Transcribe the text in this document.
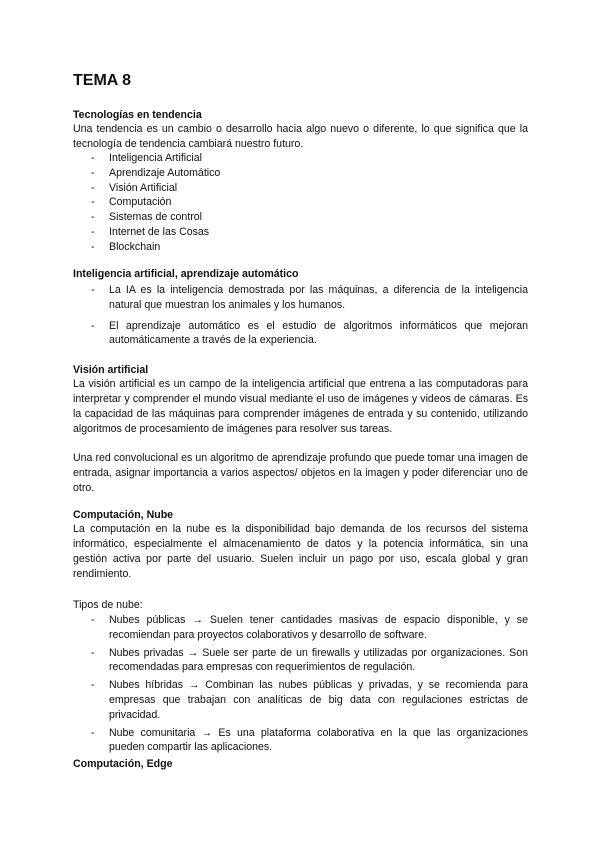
TEMA 8
Tecnologías en tendencia
Una tendencia es un cambio o desarrollo hacia algo nuevo o diferente, lo que significa que la tecnología de tendencia cambiará nuestro futuro.
- Inteligencia Artificial
- Aprendizaje Automático
- Visión Artificial
- Computación
- Sistemas de control
- Internet de las Cosas
- Blockchain
Inteligencia artificial, aprendizaje automático
- La IA es la inteligencia demostrada por las máquinas, a diferencia de la inteligencia natural que muestran los animales y los humanos.
- El aprendizaje automático es el estudio de algoritmos informáticos que mejoran automáticamente a través de la experiencia.
Visión artificial
La visión artificial es un campo de la inteligencia artificial que entrena a las computadoras para interpretar y comprender el mundo visual mediante el uso de imágenes y videos de cámaras. Es la capacidad de las máquinas para comprender imágenes de entrada y su contenido, utilizando algoritmos de procesamiento de imágenes para resolver sus tareas.
Una red convolucional es un algoritmo de aprendizaje profundo que puede tomar una imagen de entrada, asignar importancia a varios aspectos/ objetos en la imagen y poder diferenciar uno de otro.
Computación, Nube
La computación en la nube es la disponibilidad bajo demanda de los recursos del sistema informático, especialmente el almacenamiento de datos y la potencia informática, sin una gestión activa por parte del usuario. Suelen incluir un pago por uso, escala global y gran rendimiento.
Tipos de nube:
- Nubes públicas → Suelen tener cantidades masivas de espacio disponible, y se recomiendan para proyectos colaborativos y desarrollo de software.
- Nubes privadas → Suele ser parte de un firewalls y utilizadas por organizaciones. Son recomendadas para empresas con requerimientos de regulación.
- Nubes híbridas → Combinan las nubes públicas y privadas, y se recomienda para empresas que trabajan con analíticas de big data con regulaciones estrictas de privacidad.
- Nube comunitaria → Es una plataforma colaborativa en la que las organizaciones pueden compartir las aplicaciones.
Computación, Edge
